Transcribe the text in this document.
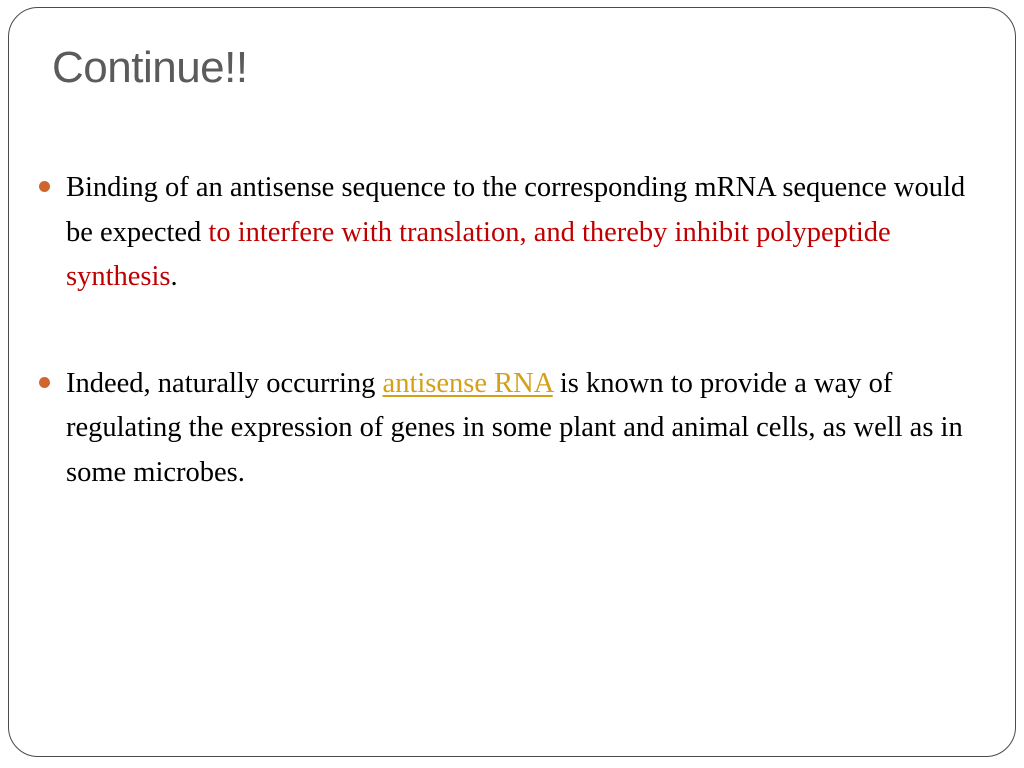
Continue!!
Binding of an antisense sequence to the corresponding mRNA sequence would be expected to interfere with translation, and thereby inhibit polypeptide synthesis.
Indeed, naturally occurring antisense RNA is known to provide a way of regulating the expression of genes in some plant and animal cells, as well as in some microbes.
